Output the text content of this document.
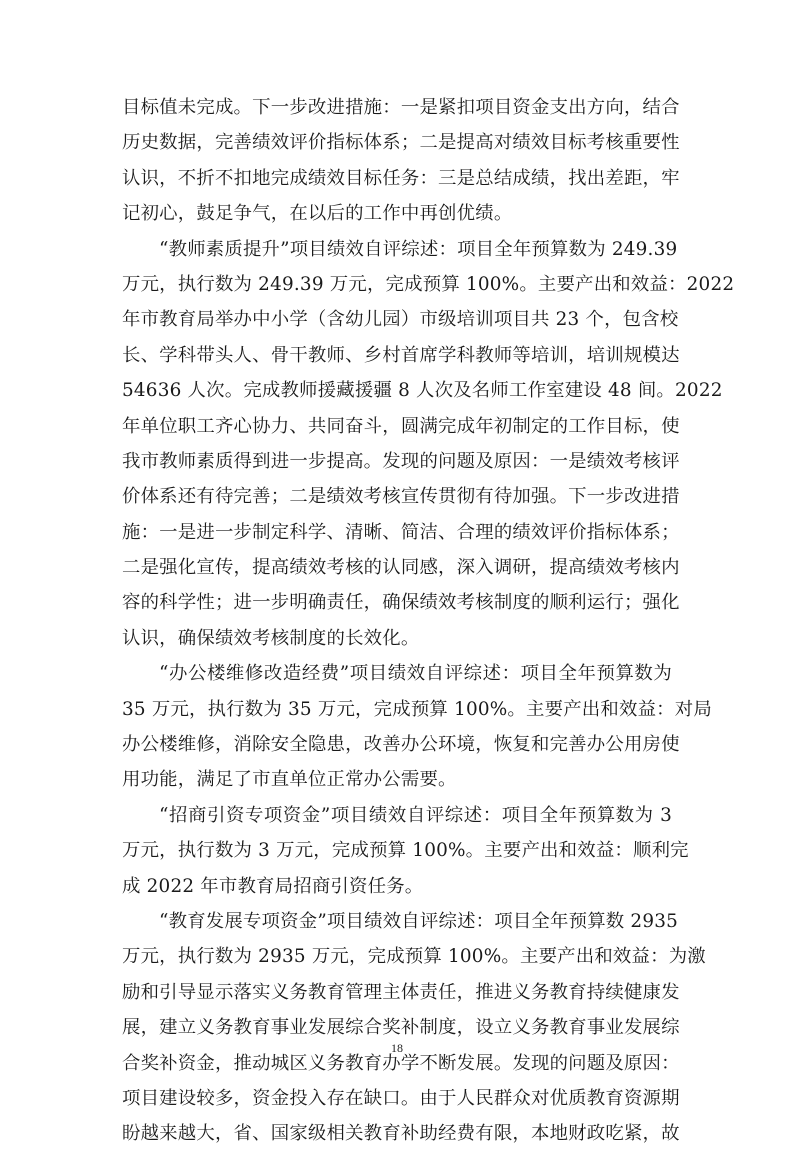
目标值未完成。下一步改进措施：一是紧扣项目资金支出方向，结合
历史数据，完善绩效评价指标体系；二是提高对绩效目标考核重要性
认识，不折不扣地完成绩效目标任务：三是总结成绩，找出差距，牢
记初心，鼓足争气，在以后的工作中再创优绩。
“教师素质提升”项目绩效自评综述：项目全年预算数为 249.39
万元，执行数为 249.39 万元，完成预算 100%。主要产出和效益：2022
年市教育局举办中小学（含幼儿园）市级培训项目共 23 个，包含校
长、学科带头人、骨干教师、乡村首席学科教师等培训，培训规模达
54636 人次。完成教师援藏援疆 8 人次及名师工作室建设 48 间。2022
年单位职工齐心协力、共同奋斗，圆满完成年初制定的工作目标，使
我市教师素质得到进一步提高。发现的问题及原因：一是绩效考核评
价体系还有待完善；二是绩效考核宣传贯彻有待加强。下一步改进措
施：一是进一步制定科学、清晰、简洁、合理的绩效评价指标体系；
二是强化宣传，提高绩效考核的认同感，深入调研，提高绩效考核内
容的科学性；进一步明确责任，确保绩效考核制度的顺利运行；强化
认识，确保绩效考核制度的长效化。
“办公楼维修改造经费”项目绩效自评综述：项目全年预算数为
35 万元，执行数为 35 万元，完成预算 100%。主要产出和效益：对局
办公楼维修，消除安全隐患，改善办公环境，恢复和完善办公用房使
用功能，满足了市直单位正常办公需要。
“招商引资专项资金”项目绩效自评综述：项目全年预算数为 3
万元，执行数为 3 万元，完成预算 100%。主要产出和效益：顺利完
成 2022 年市教育局招商引资任务。
“教育发展专项资金”项目绩效自评综述：项目全年预算数 2935
万元，执行数为 2935 万元，完成预算 100%。主要产出和效益：为激
励和引导显示落实义务教育管理主体责任，推进义务教育持续健康发
展，建立义务教育事业发展综合奖补制度，设立义务教育事业发展综
合奖补资金，推动城区义务教育办学不断发展。发现的问题及原因：
项目建设较多，资金投入存在缺口。由于人民群众对优质教育资源期
盼越来越大，省、国家级相关教育补助经费有限，本地财政吃紧，故
18
